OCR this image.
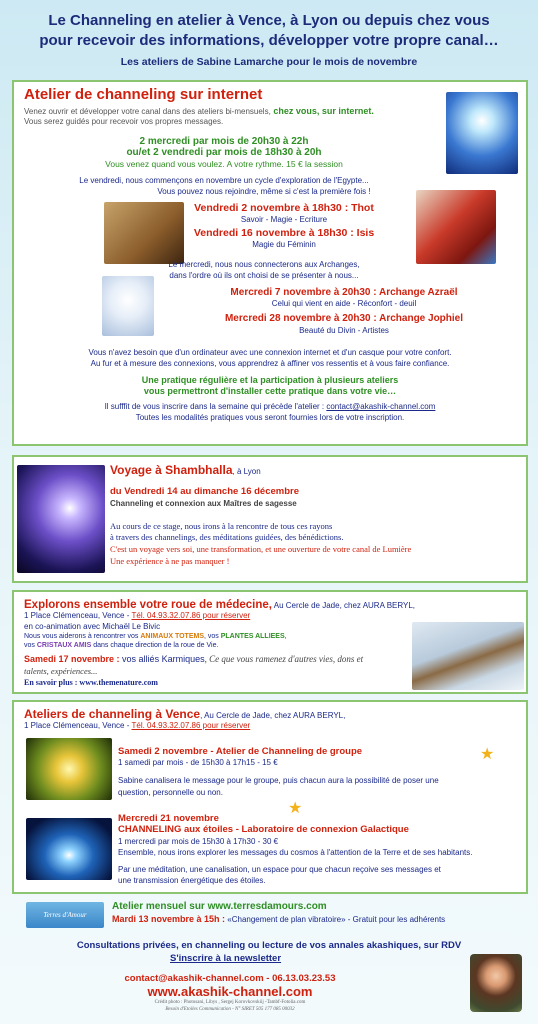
Le Channeling en atelier à Vence, à Lyon ou depuis chez vous
pour recevoir des informations, développer votre propre canal…
Les ateliers de Sabine Lamarche pour le mois de novembre
Atelier de channeling sur internet
Venez ouvrir et développer votre canal dans des ateliers bi-mensuels, chez vous, sur internet.
Vous serez guidés pour recevoir vos propres messages.
2 mercredi par mois de 20h30 à 22h
ou/et 2 vendredi par mois de 18h30 à 20h
Vous venez quand vous voulez. A votre rythme. 15 € la session
Le vendredi, nous commençons en novembre un cycle d'exploration de l'Egypte...
Vous pouvez nous rejoindre, même si c'est la première fois !
Vendredi 2 novembre à 18h30 : Thot
Savoir - Magie - Ecriture
Vendredi 16 novembre à 18h30 : Isis
Magie du Féminin
Le mercredi, nous nous connecterons aux Archanges,
dans l'ordre où ils ont choisi de se présenter à nous...
Mercredi 7 novembre à 20h30 : Archange Azraël
Celui qui vient en aide - Réconfort - deuil
Mercredi 28 novembre à 20h30 : Archange Jophiel
Beauté du Divin - Artistes
Vous n'avez besoin que d'un ordinateur avec une connexion internet et d'un casque pour votre confort.
Au fur et à mesure des connexions, vous apprendrez à affiner vos ressentis et à vous faire confiance.
Une pratique régulière et la participation à plusieurs ateliers
vous permettront d'installer cette pratique dans votre vie…
Il sufffit de vous inscrire dans la semaine qui précède l'atelier : contact@akashik-channel.com
Toutes les modalités pratiques vous seront fournies lors de votre inscription.
Voyage à Shambhalla, à Lyon
du Vendredi 14 au dimanche 16 décembre
Channeling et connexion aux Maîtres de sagesse
Au cours de ce stage, nous irons à la rencontre de tous ces rayons
à travers des channelings, des méditations guidées, des bénédictions.
C'est un voyage vers soi, une transformation, et une ouverture de votre canal de Lumière
Une expérience à ne pas manquer !
Explorons ensemble votre roue de médecine, Au Cercle de Jade, chez AURA BERYL,
1 Place Clémenceau, Vence - Tél. 04.93.32.07.86 pour réserver
en co-animation avec Michaël Le Bivic
Nous vous aiderons à rencontrer vos ANIMAUX TOTEMS, vos PLANTES ALLIEES,
vos CRISTAUX AMIS dans chaque direction de la roue de Vie.
Samedi 17 novembre : vos alliés Karmiques, Ce que vous ramenez d'autres vies, dons et
talents, expériences...
En savoir plus : www.themenature.com
Ateliers de channeling à Vence, Au Cercle de Jade, chez AURA BERYL,
1 Place Clémenceau, Vence - Tél. 04.93.32.07.86 pour réserver
★
Samedi 2 novembre - Atelier de Channeling de groupe
1 samedi par mois - de 15h30 à 17h15 - 15 €
Sabine canalisera le message pour le groupe, puis chacun aura la possibilité de poser une
question, personnelle ou non.
★
Mercredi 21 novembre
CHANNELING aux étoiles - Laboratoire de connexion Galactique
1 mercredi par mois de 15h30 à 17h30 - 30 €
Ensemble, nous irons explorer les messages du cosmos à l'attention de la Terre et de ses habitants.
Par une méditation, une canalisation, un espace pour que chacun reçoive ses messages et
une transmission énergétique des étoiles.
Terres d'Amour
Atelier mensuel sur www.terresdamours.com
Mardi 13 novembre à 15h : «Changement de plan vibratoire» - Gratuit pour les adhérents
Consultations privées, en channeling ou lecture de vos annales akashiques, sur RDV
S'inscrire à la newsletter
contact@akashik-channel.com - 06.13.03.23.53
www.akashik-channel.com
Crédit photo : Photosani, Libys , Sergej Korovkovskiij -Tambf-Fotolia.com
Besoin d'Etoiles Communication - N° SIRET 505 177 085 00032
